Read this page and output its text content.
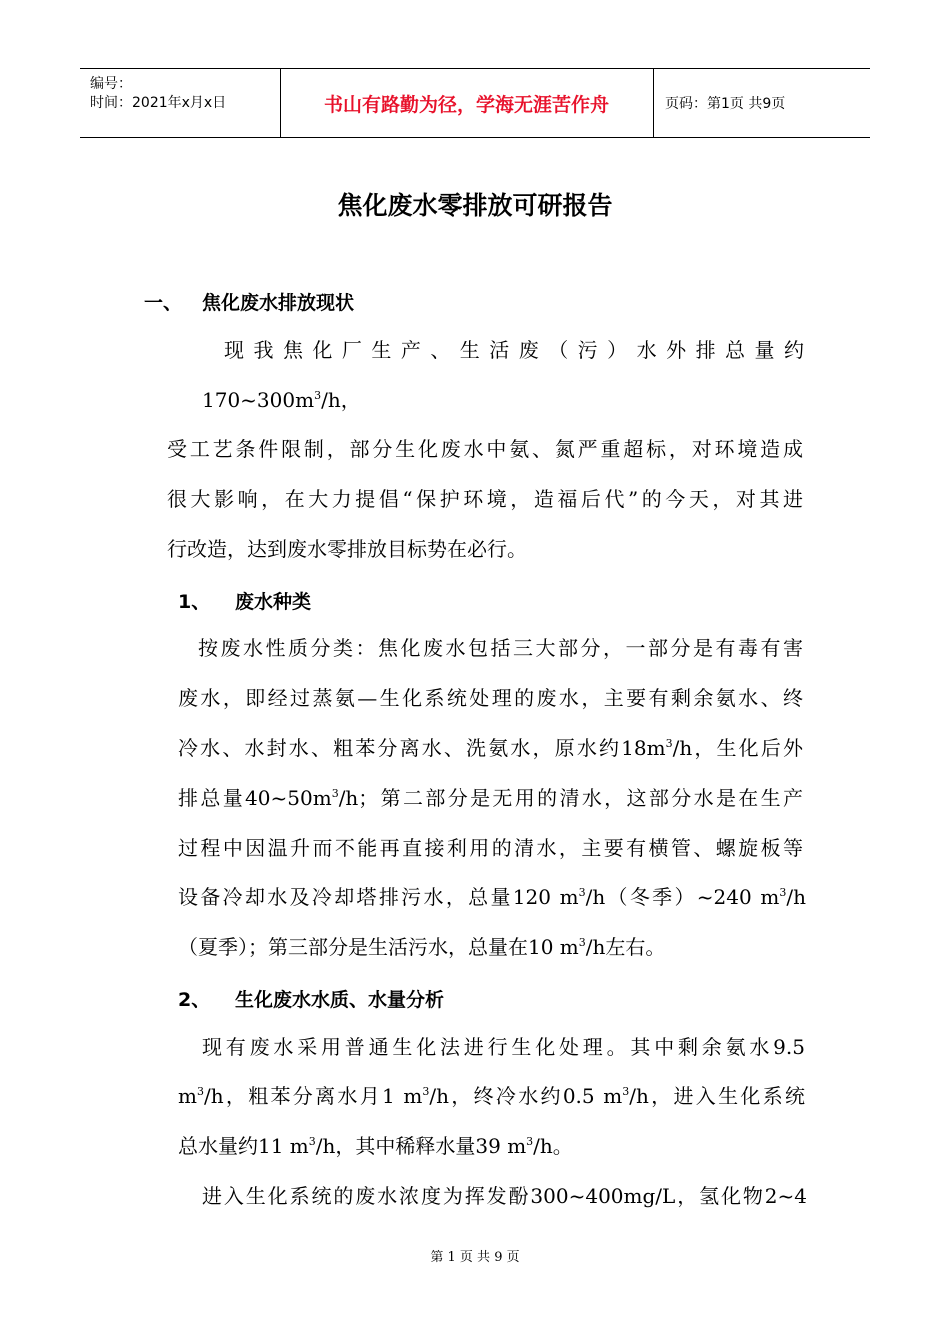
编号：
时间：2021年x月x日	书山有路勤为径，学海无涯苦作舟	页码：第1页 共9页
焦化废水零排放可研报告
一、 焦化废水排放现状
现我焦化厂生产、生活废（污）水外排总量约
$170\sim 300m^3/h$，
受工艺条件限制，部分生化废水中氨、氮严重超标，对环境造成
很大影响，在大力提倡“保护环境，造福后代”的今天，对其进
行改造，达到废水零排放目标势在必行。
1、 废水种类
按废水性质分类：焦化废水包括三大部分，一部分是有毒有害
废水，即经过蒸氨—生化系统处理的废水，主要有剩余氨水、终
冷水、水封水、粗苯分离水、洗氨水，原水约$18m^3/h$，生化后外
排总量$40\sim 50m^3/h$；第二部分是无用的清水，这部分水是在生产
过程中因温升而不能再直接利用的清水，主要有横管、螺旋板等
设备冷却水及冷却塔排污水，总量120 $m^3/h$（冬季）~240 $m^3/h$
（夏季）；第三部分是生活污水，总量在10 $m^3/h$左右。
2、 生化废水水质、水量分析
现有废水采用普通生化法进行生化处理。其中剩余氨水9.5
$m^3/h$，粗苯分离水月1 $m^3/h$，终冷水约0.5 $m^3/h$，进入生化系统
总水量约11 $m^3/h$，其中稀释水量39 $m^3/h$。
进入生化系统的废水浓度为挥发酚300~400mg/L，氢化物2~4
第 1 页 共 9 页
